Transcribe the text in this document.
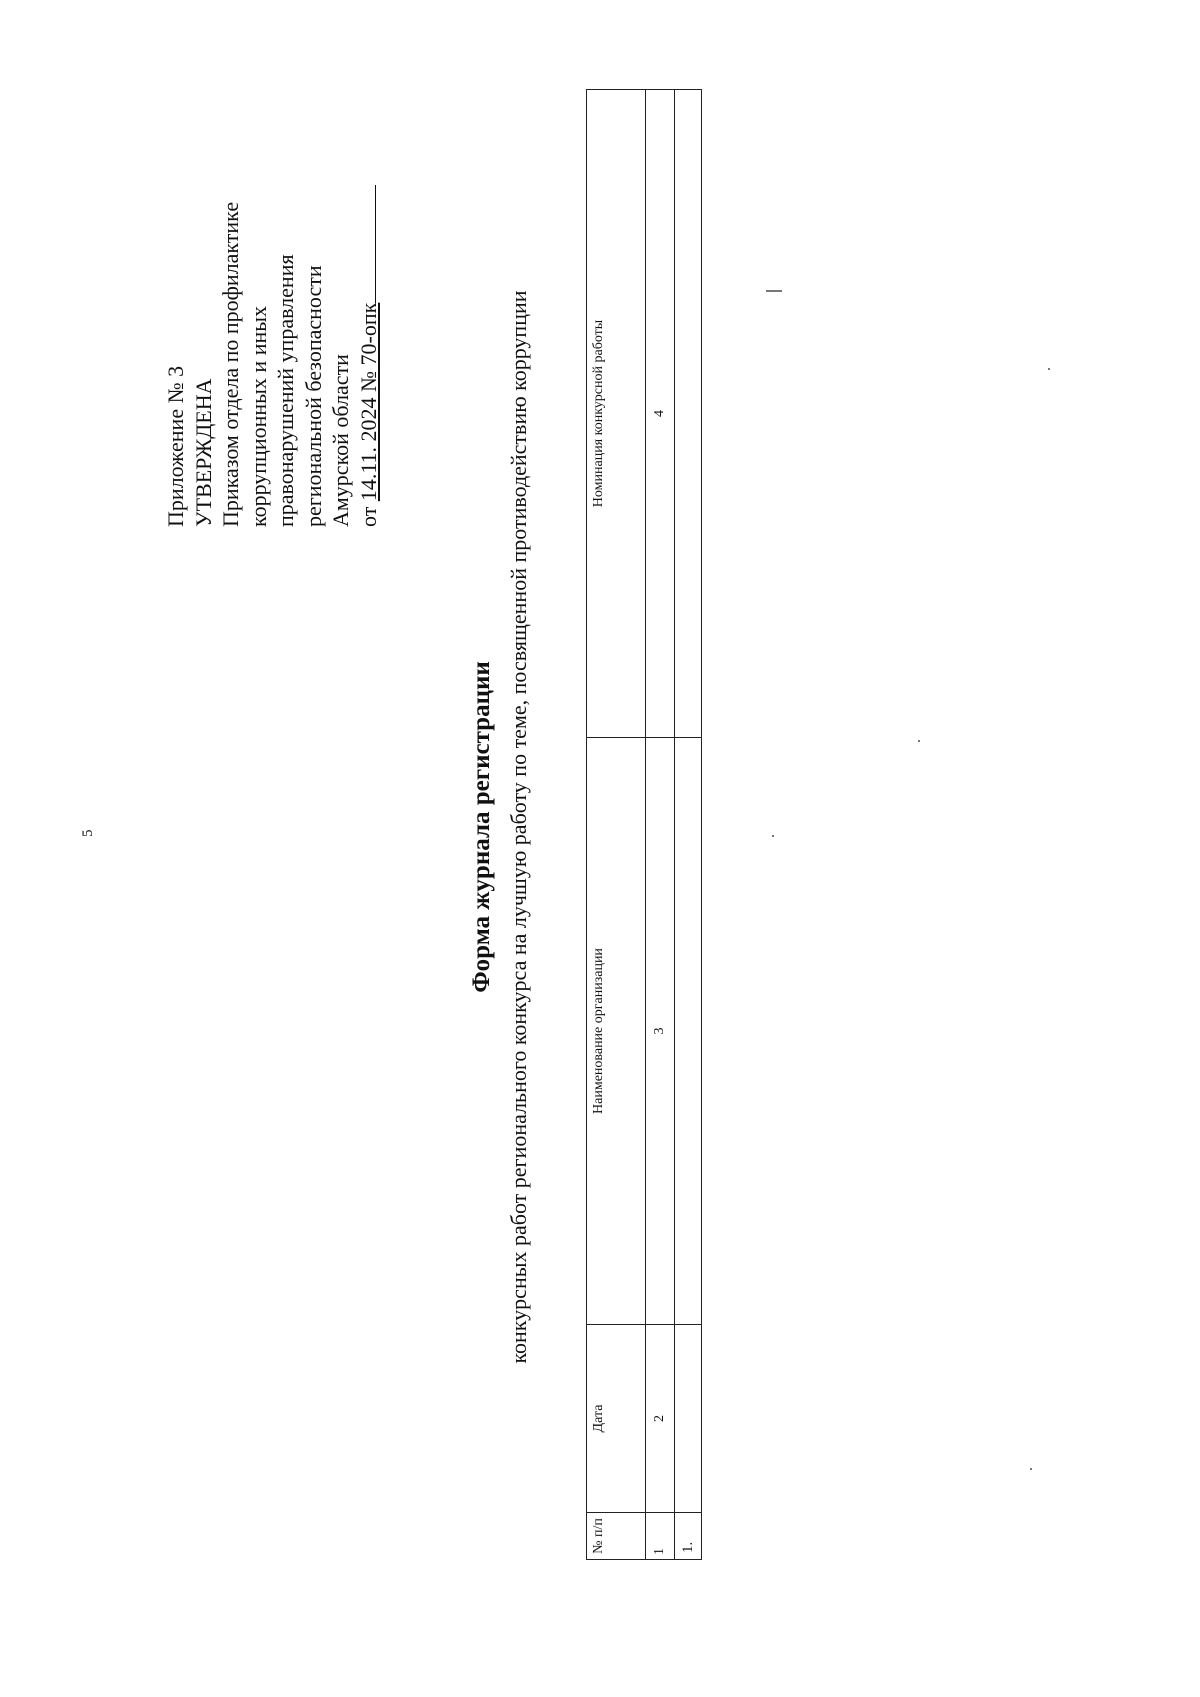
5
Приложение № 3 УТВЕРЖДЕНА Приказом отдела по профилактике коррупционных и иных правонарушений управления региональной безопасности Амурской области от 14.11. 2024 № 70-опк
Форма журнала регистрации конкурсных работ регионального конкурса на лучшую работу по теме, посвященной противодействию коррупции
№ п/п	Дата	Наименование организации	Номинация конкурсной работы
1	2	3	4
1.			
